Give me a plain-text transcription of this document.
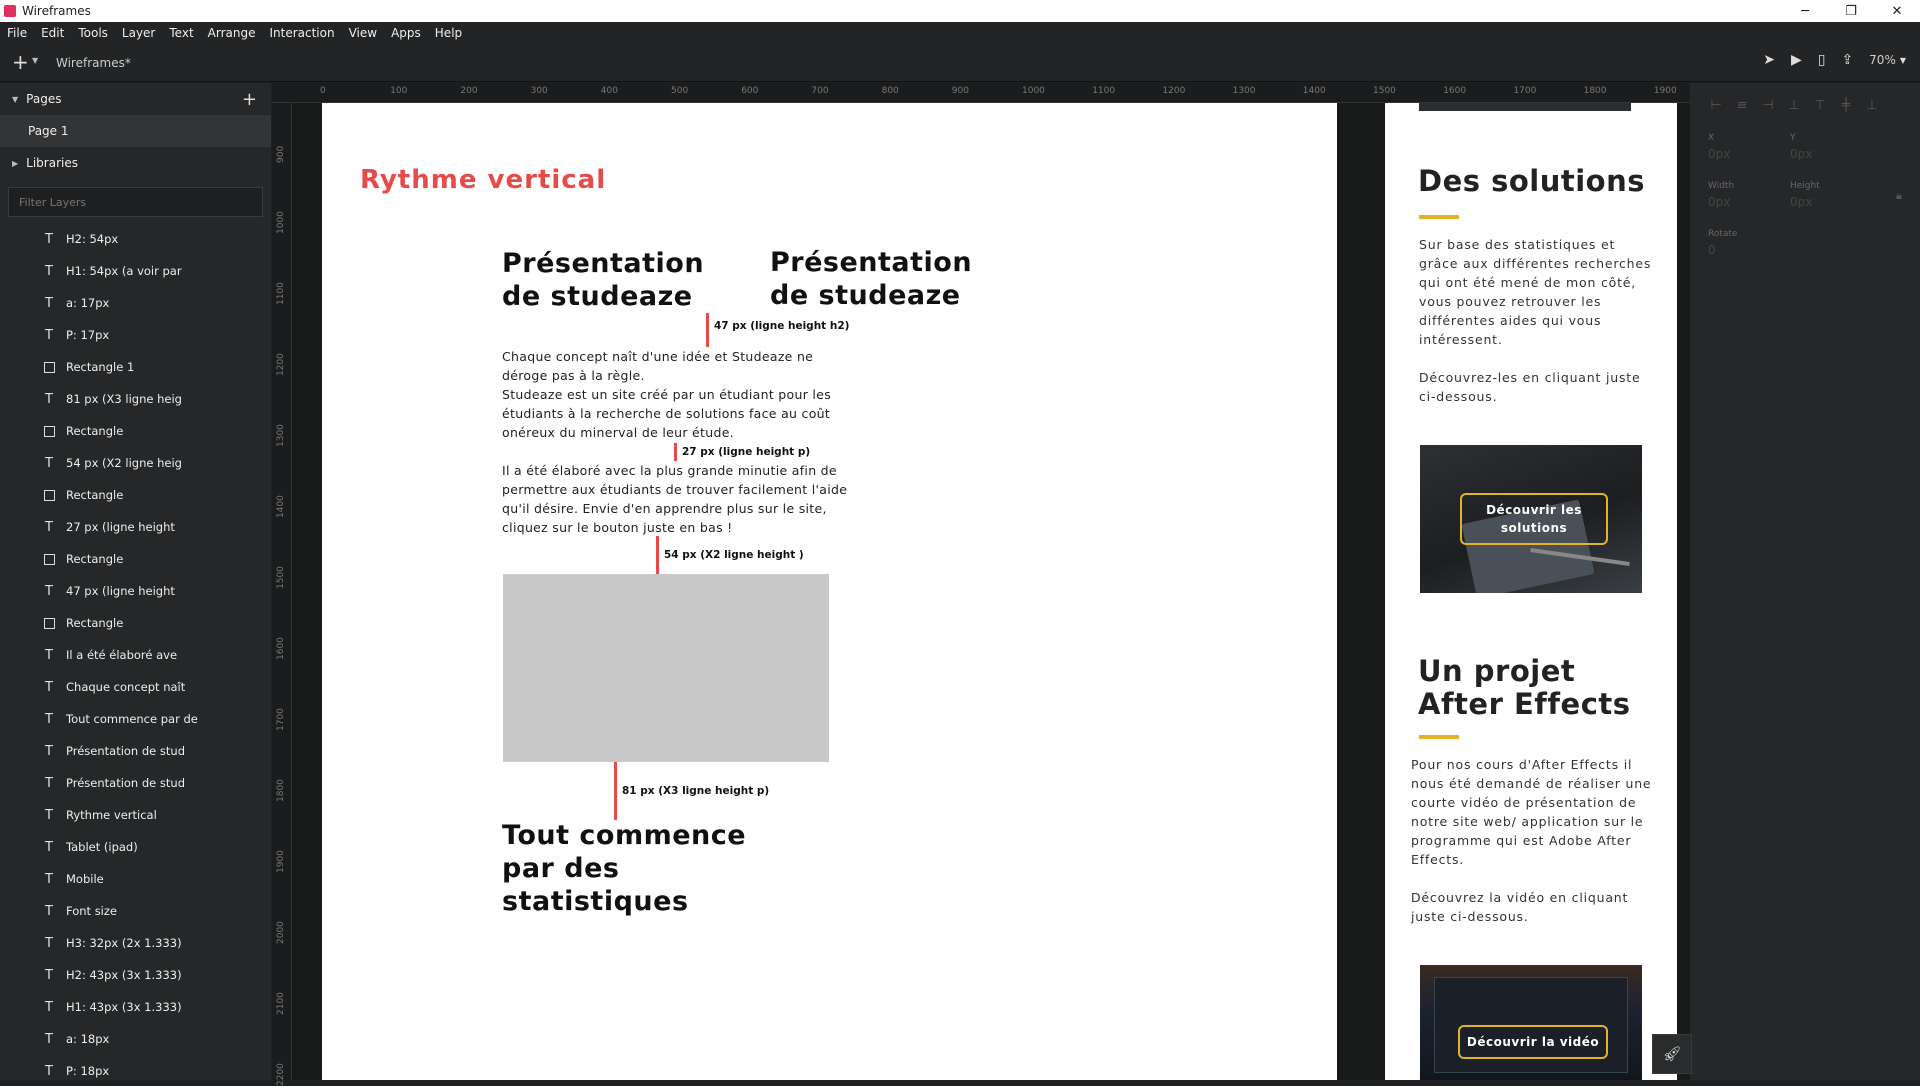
Wireframes	─	❐	✕
File	Edit	Tools	Layer	Text	Arrange	Interaction	View	Apps	Help
+ ▼ Wireframes*	➤ ▶ ▯ ⇪ 70% ▼
▼ Pages	+
Page 1
▶ Libraries
Filter Layers
T H2: 54px
T H1: 54px (a voir par
T a: 17px
T P: 17px
Rectangle 1
T 81 px (X3 ligne heig
Rectangle
T 54 px (X2 ligne heig
Rectangle
T 27 px (ligne height
Rectangle
T 47 px (ligne height
Rectangle
T Il a été élaboré ave
T Chaque concept naît
T Tout commence par de
T Présentation de stud
T Présentation de stud
T Rythme vertical
T Tablet (ipad)
T Mobile
T Font size
T H3: 32px (2x 1.333)
T H2: 43px (3x 1.333)
T H1: 43px (3x 1.333)
T a: 18px
T P: 18px
0	100	200	300	400	500	600	700	800	900	1000	1100	1200	1300	1400	1500	1600	1700	1800	1900
900
1000
1100
1200
1300
1400
1500
1600
1700
1800
1900
2000
2100
2200
Rythme vertical
Présentation de studeaze
Présentation de studeaze
47 px (ligne height h2)
Chaque concept naît d'une idée et Studeaze ne déroge pas à la règle.
Studeaze est un site créé par un étudiant pour les étudiants à la recherche de solutions face au coût onéreux du minerval de leur étude.
27 px (ligne height p)
Il a été élaboré avec la plus grande minutie afin de permettre aux étudiants de trouver facilement l'aide qu'il désire. Envie d'en apprendre plus sur le site, cliquez sur le bouton juste en bas !
54 px (X2 ligne height )
81 px (X3 ligne height p)
Tout commence par des statistiques
Des solutions
Sur base des statistiques et grâce aux différentes recherches qui ont été mené de mon côté, vous pouvez retrouver les différentes aides qui vous intéressent.

Découvrez-les en cliquant juste ci-dessous.
Découvrir les solutions
Un projet After Effects
Pour nos cours d'After Effects il nous été demandé de réaliser une courte vidéo de présentation de notre site web/ application sur le programme qui est Adobe After Effects.

Découvrez la vidéo en cliquant juste ci-dessous.
Découvrir la vidéo
⊢ ≡ ⊣ ⊥ ⊤	╪	⊥
X	Y
0px	0px
Width	Height
0px	0px	🔒︎
Rotate
0
🚀︎
